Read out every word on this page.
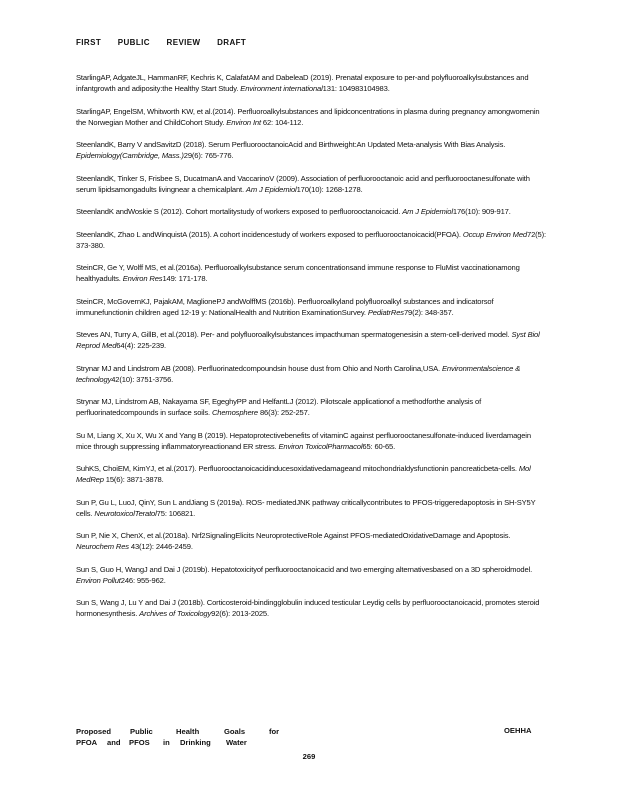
FIRST PUBLIC REVIEW DRAFT

StarlingAP, AdgateJL, HammanRF, Kechris K, CalafatAM and DabeleaD (2019). Prenatal exposure to per-and polyfluoroalkylsubstances and infantgrowth and adiposity:the Healthy Start Study. Environment international131: 104983104983.

StarlingAP, EngelSM, Whitworth KW, et al.(2014). Perfluoroalkylsubstances and lipidconcentrations in plasma during pregnancy amongwomenin the Norwegian Mother and ChildCohort Study. Environ Int 62: 104-112.

SteenlandK, Barry V andSavitzD (2018). Serum PerfluorooctanoicAcid and Birthweight:An Updated Meta-analysis With Bias Analysis. Epidemiology(Cambridge, Mass.)29(6): 765-776.

SteenlandK, Tinker S, Frisbee S, DucatmanA and VaccarinoV (2009). Association of perfluorooctanoic acid and perfluorooctanesulfonate with serum lipidsamongadults livingnear a chemicalplant. Am J Epidemiol170(10): 1268-1278.

SteenlandK andWoskie S (2012). Cohort mortalitystudy of workers exposed to perfluorooctanoicacid. Am J Epidemiol176(10): 909-917.

SteenlandK, Zhao L andWinquistA (2015). A cohort incidencestudy of workers exposed to perfluorooctanoicacid(PFOA). Occup Environ Med72(5): 373-380.

SteinCR, Ge Y, Wolff MS, et al.(2016a). Perfluoroalkylsubstance serum concentrationsand immune response to FluMist vaccinationamong healthyadults. Environ Res149: 171-178.

SteinCR, McGovernKJ, PajakAM, MaglionePJ andWolffMS (2016b). Perfluoroalkyland polyfluoroalkyl substances and indicatorsof immunefunctionin children aged 12-19 y: NationalHealth and Nutrition ExaminationSurvey. PediatrRes79(2): 348-357.

Steves AN, Turry A, GillB, et al.(2018). Per- and polyfluoroalkylsubstances impacthuman spermatogenesisin a stem-cell-derived model. Syst Biol Reprod Med64(4): 225-239.

Strynar MJ and Lindstrom AB (2008). Perfluorinatedcompoundsin house dust from Ohio and North Carolina,USA. Environmentalscience & technology42(10): 3751-3756.

Strynar MJ, Lindstrom AB, Nakayama SF, EgeghyPP and HelfantLJ (2012). Pilotscale applicationof a methodforthe analysis of perfluorinatedcompounds in surface soils. Chemosphere 86(3): 252-257.

Su M, Liang X, Xu X, Wu X and Yang B (2019). Hepatoprotectivebenefits of vitaminC against perfluorooctanesulfonate-induced liverdamagein mice through suppressing inflammatoryreactionand ER stress. Environ ToxicolPharmacol65: 60-65.

SuhKS, ChoiEM, KimYJ, et al.(2017). Perfluorooctanoicacidinducesoxidativedamageand mitochondrialdysfunctionin pancreaticbeta-cells. Mol MedRep 15(6): 3871-3878.

Sun P, Gu L, LuoJ, QinY, Sun L andJiang S (2019a). ROS- mediatedJNK pathway criticallycontributes to PFOS-triggeredapoptosis in SH-SY5Y cells. NeurotoxicolTeratol75: 106821.

Sun P, Nie X, ChenX, et al.(2018a). Nrf2SignalingElicits NeuroprotectiveRole Against PFOS-mediatedOxidativeDamage and Apoptosis. Neurochem Res 43(12): 2446-2459.

Sun S, Guo H, WangJ and Dai J (2019b). Hepatotoxicityof perfluorooctanoicacid and two emerging alternativesbased on a 3D spheroidmodel. Environ Pollut246: 955-962.

Sun S, Wang J, Lu Y and Dai J (2018b). Corticosteroid-bindingglobulin induced testicular Leydig cells by perfluorooctanoicacid, promotes steroid hormonesynthesis. Archives of Toxicology92(6): 2013-2025.

Proposed	Public	Health	Goals	for
PFOA	and	PFOS	in	Drinking	Water
OEHHA
269
